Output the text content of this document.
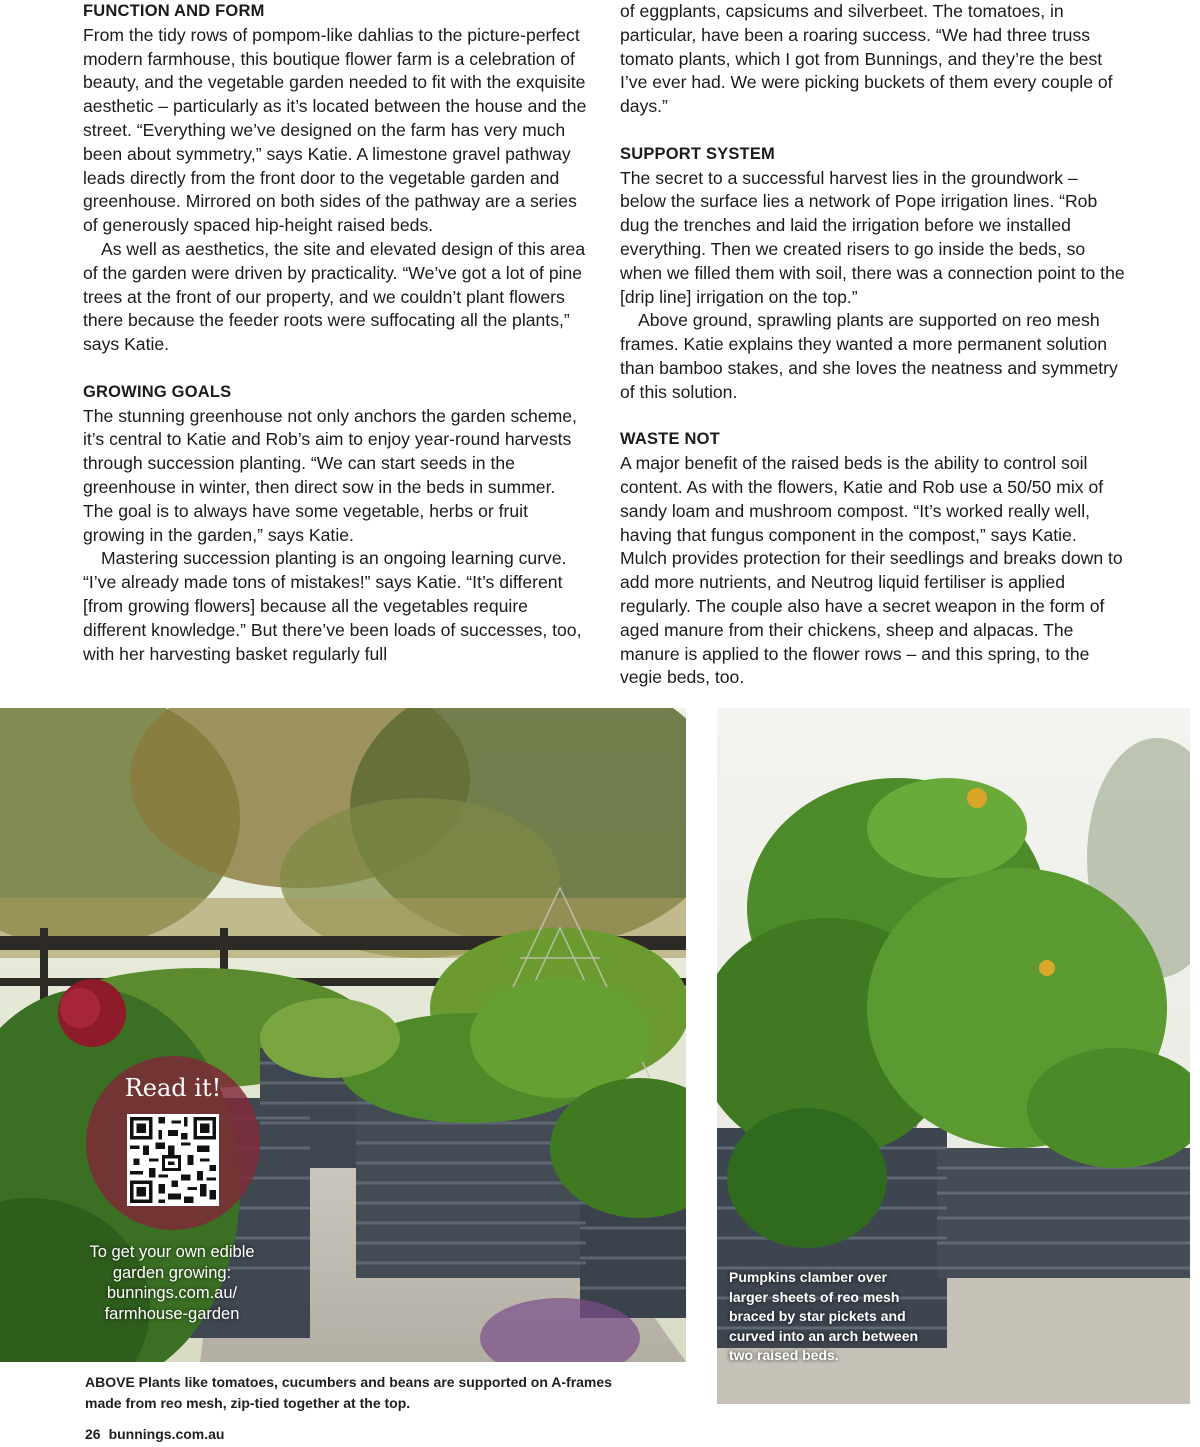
FUNCTION AND FORM

From the tidy rows of pompom-like dahlias to the picture-perfect modern farmhouse, this boutique flower farm is a celebration of beauty, and the vegetable garden needed to fit with the exquisite aesthetic – particularly as it’s located between the house and the street. “Everything we’ve designed on the farm has very much been about symmetry,” says Katie. A limestone gravel pathway leads directly from the front door to the vegetable garden and greenhouse. Mirrored on both sides of the pathway are a series of generously spaced hip-height raised beds.

As well as aesthetics, the site and elevated design of this area of the garden were driven by practicality. “We’ve got a lot of pine trees at the front of our property, and we couldn’t plant flowers there because the feeder roots were suffocating all the plants,” says Katie.

GROWING GOALS

The stunning greenhouse not only anchors the garden scheme, it’s central to Katie and Rob’s aim to enjoy year-round harvests through succession planting. “We can start seeds in the greenhouse in winter, then direct sow in the beds in summer. The goal is to always have some vegetable, herbs or fruit growing in the garden,” says Katie.

Mastering succession planting is an ongoing learning curve. “I’ve already made tons of mistakes!” says Katie. “It’s different [from growing flowers] because all the vegetables require different knowledge.” But there’ve been loads of successes, too, with her harvesting basket regularly full

of eggplants, capsicums and silverbeet. The tomatoes, in particular, have been a roaring success. “We had three truss tomato plants, which I got from Bunnings, and they’re the best I’ve ever had. We were picking buckets of them every couple of days.”

SUPPORT SYSTEM

The secret to a successful harvest lies in the groundwork – below the surface lies a network of Pope irrigation lines. “Rob dug the trenches and laid the irrigation before we installed everything. Then we created risers to go inside the beds, so when we filled them with soil, there was a connection point to the [drip line] irrigation on the top.”

Above ground, sprawling plants are supported on reo mesh frames. Katie explains they wanted a more permanent solution than bamboo stakes, and she loves the neatness and symmetry of this solution.

WASTE NOT

A major benefit of the raised beds is the ability to control soil content. As with the flowers, Katie and Rob use a 50/50 mix of sandy loam and mushroom compost. “It’s worked really well, having that fungus component in the compost,” says Katie. Mulch provides protection for their seedlings and breaks down to add more nutrients, and Neutrog liquid fertiliser is applied regularly. The couple also have a secret weapon in the form of aged manure from their chickens, sheep and alpacas. The manure is applied to the flower rows – and this spring, to the vegie beds, too.

Read it!
To get your own edible
garden growing:
bunnings.com.au/
farmhouse-garden
Pumpkins clamber over larger sheets of reo mesh braced by star pickets and curved into an arch between two raised beds.
ABOVE Plants like tomatoes, cucumbers and beans are supported on A-frames made from reo mesh, zip-tied together at the top.
26 bunnings.com.au
